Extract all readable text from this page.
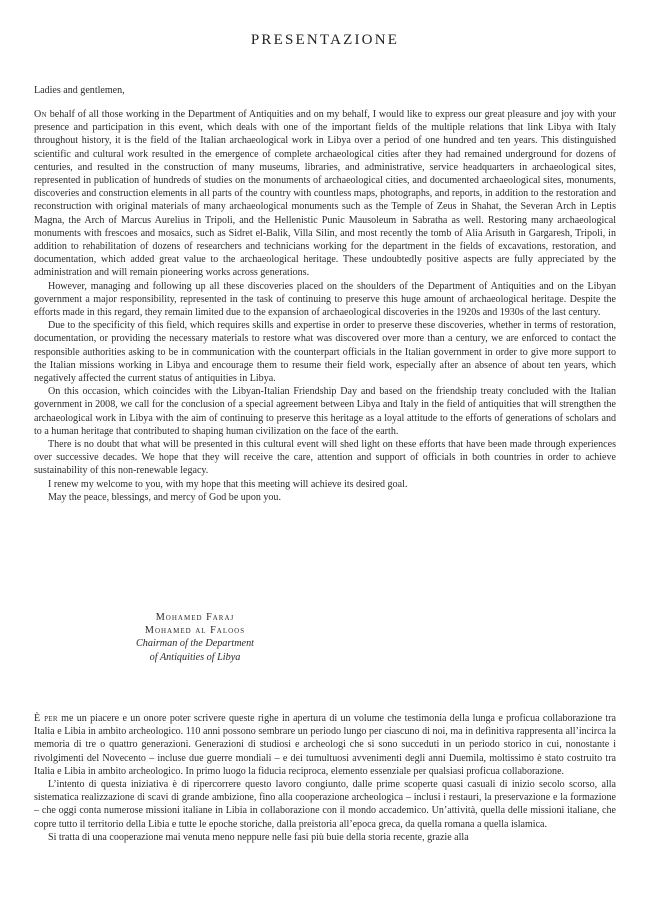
PRESENTAZIONE
Ladies and gentlemen,

On behalf of all those working in the Department of Antiquities and on my behalf, I would like to express our great pleasure and joy with your presence and participation in this event, which deals with one of the important fields of the multiple relations that link Libya with Italy throughout history, it is the field of the Italian archaeological work in Libya over a period of one hundred and ten years. This distinguished scientific and cultural work resulted in the emergence of complete archaeological cities after they had remained underground for dozens of centuries, and resulted in the construction of many museums, libraries, and administrative, service headquarters in archaeological sites, represented in publication of hundreds of studies on the monuments of archaeological cities, and documented archaeological sites, monuments, discoveries and construction elements in all parts of the country with countless maps, photographs, and reports, in addition to the restoration and reconstruction with original materials of many archaeological monuments such as the Temple of Zeus in Shahat, the Severan Arch in Leptis Magna, the Arch of Marcus Aurelius in Tripoli, and the Hellenistic Punic Mausoleum in Sabratha as well. Restoring many archaeological monuments with frescoes and mosaics, such as Sidret el-Balik, Villa Silin, and most recently the tomb of Alia Arisuth in Gargaresh, Tripoli, in addition to rehabilitation of dozens of researchers and technicians working for the department in the fields of excavations, restoration, and documentation, which added great value to the archaeological heritage. These undoubtedly positive aspects are fully appreciated by the administration and will remain pioneering works across generations.

However, managing and following up all these discoveries placed on the shoulders of the Department of Antiquities and on the Libyan government a major responsibility, represented in the task of continuing to preserve this huge amount of archaeological heritage. Despite the efforts made in this regard, they remain limited due to the expansion of archaeological discoveries in the 1920s and 1930s of the last century.

Due to the specificity of this field, which requires skills and expertise in order to preserve these discoveries, whether in terms of restoration, documentation, or providing the necessary materials to restore what was discovered over more than a century, we are enforced to contact the responsible authorities asking to be in communication with the counterpart officials in the Italian government in order to give more support to the Italian missions working in Libya and encourage them to resume their field work, especially after an absence of about ten years, which negatively affected the current status of antiquities in Libya.

On this occasion, which coincides with the Libyan-Italian Friendship Day and based on the friendship treaty concluded with the Italian government in 2008, we call for the conclusion of a special agreement between Libya and Italy in the field of antiquities that will strengthen the archaeological work in Libya with the aim of continuing to preserve this heritage as a loyal attitude to the efforts of generations of scholars and to a human heritage that contributed to shaping human civilization on the face of the earth.

There is no doubt that what will be presented in this cultural event will shed light on these efforts that have been made through experiences over successive decades. We hope that they will receive the care, attention and support of officials in both countries in order to achieve sustainability of this non-renewable legacy.

I renew my welcome to you, with my hope that this meeting will achieve its desired goal.

May the peace, blessings, and mercy of God be upon you.

Mohamed Faraj
Mohamed al Faloos
Chairman of the Department
of Antiquities of Libya

È per me un piacere e un onore poter scrivere queste righe in apertura di un volume che testimonia della lunga e proficua collaborazione tra Italia e Libia in ambito archeologico. 110 anni possono sembrare un periodo lungo per ciascuno di noi, ma in definitiva rappresenta all’incirca la memoria di tre o quattro generazioni. Generazioni di studiosi e archeologi che si sono succeduti in un periodo storico in cui, nonostante i rivolgimenti del Novecento – incluse due guerre mondiali – e dei tumultuosi avvenimenti degli anni Duemila, moltissimo è stato costruito tra Italia e Libia in ambito archeologico. In primo luogo la fiducia reciproca, elemento essenziale per qualsiasi proficua collaborazione.

L’intento di questa iniziativa è di ripercorrere questo lavoro congiunto, dalle prime scoperte quasi casuali di inizio secolo scorso, alla sistematica realizzazione di scavi di grande ambizione, fino alla cooperazione archeologica – inclusi i restauri, la preservazione e la formazione – che oggi conta numerose missioni italiane in Libia in collaborazione con il mondo accademico. Un’attività, quella delle missioni italiane, che copre tutto il territorio della Libia e tutte le epoche storiche, dalla preistoria all’epoca greca, da quella romana a quella islamica.

Si tratta di una cooperazione mai venuta meno neppure nelle fasi più buie della storia recente, grazie alla
